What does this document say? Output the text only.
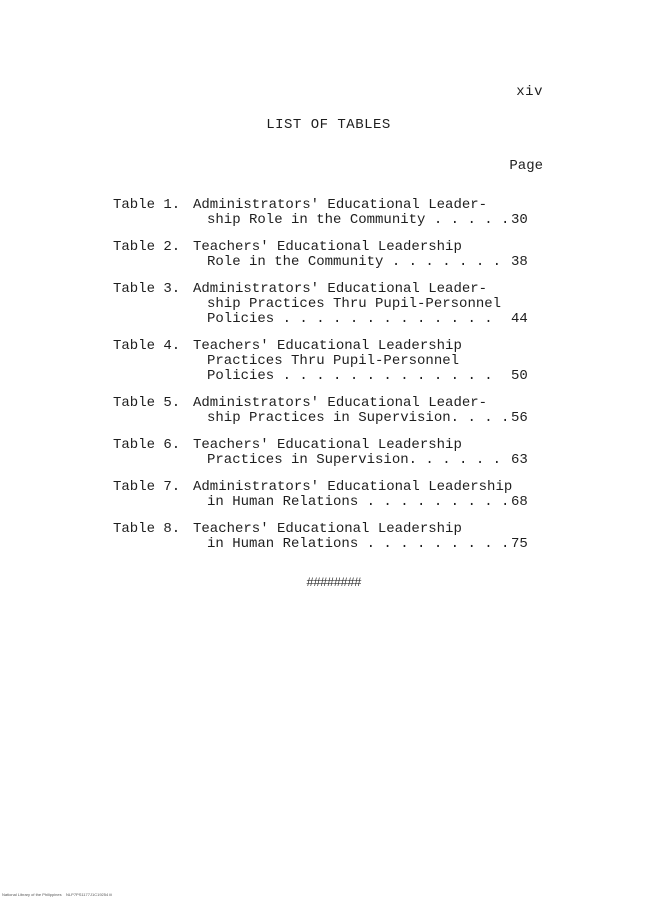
xiv
LIST OF TABLES
Page
Table 1. Administrators' Educational Leader-
ship Role in the Community . . . . . 30
Table 2. Teachers' Educational Leadership
Role in the Community . . . . . . . 38
Table 3. Administrators' Educational Leader-
ship Practices Thru Pupil-Personnel
Policies . . . . . . . . . . . . .	44
Table 4. Teachers' Educational Leadership
Practices Thru Pupil-Personnel
Policies . . . . . . . . . . . . .	50
Table 5. Administrators' Educational Leader-
ship Practices in Supervision. . . . 56
Table 6. Teachers' Educational Leadership
Practices in Supervision. . . . . . 63
Table 7. Administrators' Educational Leadership
in Human Relations . . . . . . . . . 68
Table 8. Teachers' Educational Leadership
in Human Relations . . . . . . . . . 75
########
National Library of the Philippines    NLP7PS1177J1C19254 iii
